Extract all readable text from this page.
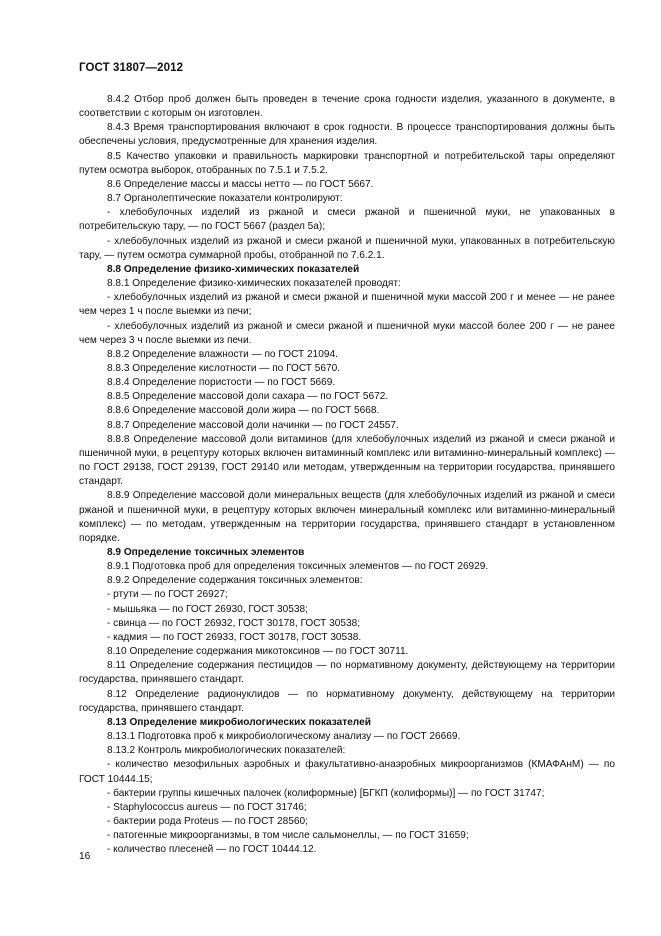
ГОСТ 31807—2012

8.4.2 Отбор проб должен быть проведен в течение срока годности изделия, указанного в документе, в соответствии с которым он изготовлен.

8.4.3 Время транспортирования включают в срок годности. В процессе транспортирования должны быть обеспечены условия, предусмотренные для хранения изделия.

8.5 Качество упаковки и правильность маркировки транспортной и потребительской тары определяют путем осмотра выборок, отобранных по 7.5.1 и 7.5.2.

8.6 Определение массы и массы нетто — по ГОСТ 5667.

8.7 Органолептические показатели контролируют:

- хлебобулочных изделий из ржаной и смеси ржаной и пшеничной муки, не упакованных в потребительскую тару, — по ГОСТ 5667 (раздел 5а);

- хлебобулочных изделий из ржаной и смеси ржаной и пшеничной муки, упакованных в потребительскую тару, — путем осмотра суммарной пробы, отобранной по 7.6.2.1.

8.8 Определение физико-химических показателей

8.8.1 Определение физико-химических показателей проводят:

- хлебобулочных изделий из ржаной и смеси ржаной и пшеничной муки массой 200 г и менее — не ранее чем через 1 ч после выемки из печи;

- хлебобулочных изделий из ржаной и смеси ржаной и пшеничной муки массой более 200 г — не ранее чем через 3 ч после выемки из печи.

8.8.2 Определение влажности — по ГОСТ 21094.

8.8.3 Определение кислотности — по ГОСТ 5670.

8.8.4 Определение пористости — по ГОСТ 5669.

8.8.5 Определение массовой доли сахара — по ГОСТ 5672.

8.8.6 Определение массовой доли жира — по ГОСТ 5668.

8.8.7 Определение массовой доли начинки — по ГОСТ 24557.

8.8.8 Определение массовой доли витаминов (для хлебобулочных изделий из ржаной и смеси ржаной и пшеничной муки, в рецептуру которых включен витаминный комплекс или витаминно-минеральный комплекс) — по ГОСТ 29138, ГОСТ 29139, ГОСТ 29140 или методам, утвержденным на территории государства, принявшего стандарт.

8.8.9 Определение массовой доли минеральных веществ (для хлебобулочных изделий из ржаной и смеси ржаной и пшеничной муки, в рецептуру которых включен минеральный комплекс или витаминно-минеральный комплекс) — по методам, утвержденным на территории государства, принявшего стандарт в установленном порядке.

8.9 Определение токсичных элементов

8.9.1 Подготовка проб для определения токсичных элементов — по ГОСТ 26929.

8.9.2 Определение содержания токсичных элементов:

- ртути — по ГОСТ 26927;

- мышьяка — по ГОСТ 26930, ГОСТ 30538;

- свинца — по ГОСТ 26932, ГОСТ 30178, ГОСТ 30538;

- кадмия — по ГОСТ 26933, ГОСТ 30178, ГОСТ 30538.

8.10 Определение содержания микотоксинов — по ГОСТ 30711.

8.11 Определение содержания пестицидов — по нормативному документу, действующему на территории государства, принявшего стандарт.

8.12 Определение радионуклидов — по нормативному документу, действующему на территории государства, принявшего стандарт.

8.13 Определение микробиологических показателей

8.13.1 Подготовка проб к микробиологическому анализу — по ГОСТ 26669.

8.13.2 Контроль микробиологических показателей:

- количество мезофильных аэробных и факультативно-анаэробных микроорганизмов (КМАФАнМ) — по ГОСТ 10444.15;

- бактерии группы кишечных палочек (колиформные) [БГКП (колиформы)] — по ГОСТ 31747;

- Staphylococcus aureus — по ГОСТ 31746;

- бактерии рода Proteus — по ГОСТ 28560;

- патогенные микроорганизмы, в том числе сальмонеллы, — по ГОСТ 31659;

- количество плесеней — по ГОСТ 10444.12.

16
